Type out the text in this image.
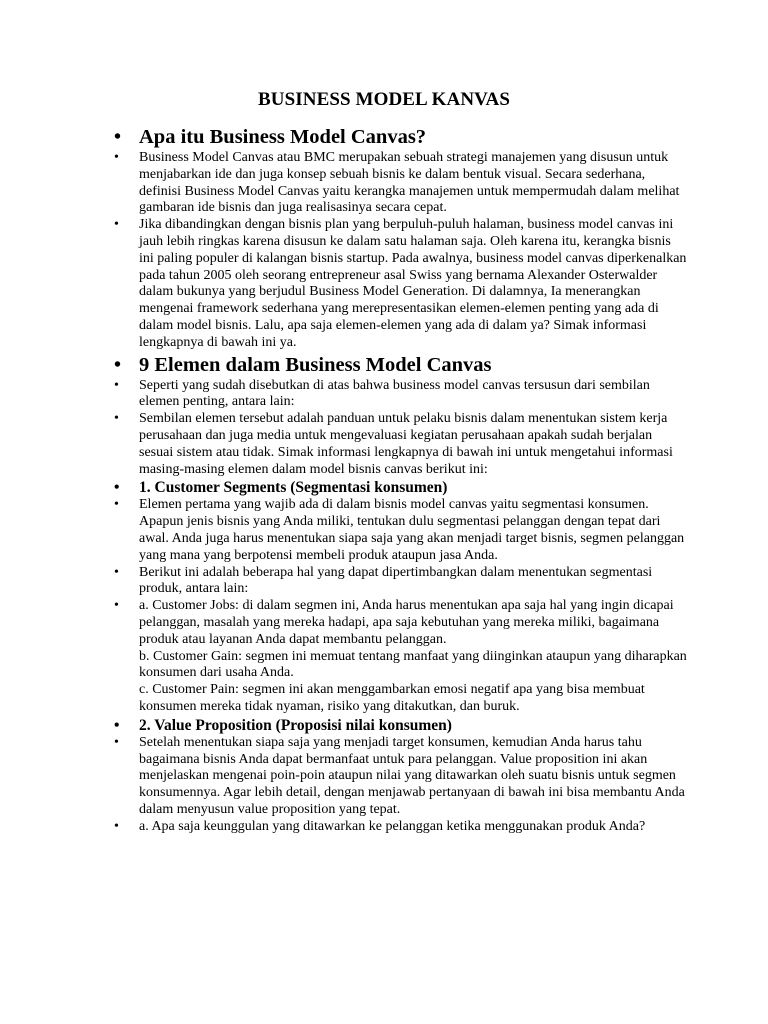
BUSINESS MODEL KANVAS
• Apa itu Business Model Canvas?
• Business Model Canvas atau BMC merupakan sebuah strategi manajemen yang disusun untuk menjabarkan ide dan juga konsep sebuah bisnis ke dalam bentuk visual. Secara sederhana, definisi Business Model Canvas yaitu kerangka manajemen untuk mempermudah dalam melihat gambaran ide bisnis dan juga realisasinya secara cepat.
• Jika dibandingkan dengan bisnis plan yang berpuluh-puluh halaman, business model canvas ini jauh lebih ringkas karena disusun ke dalam satu halaman saja. Oleh karena itu, kerangka bisnis ini paling populer di kalangan bisnis startup. Pada awalnya, business model canvas diperkenalkan pada tahun 2005 oleh seorang entrepreneur asal Swiss yang bernama Alexander Osterwalder dalam bukunya yang berjudul Business Model Generation. Di dalamnya, Ia menerangkan mengenai framework sederhana yang merepresentasikan elemen-elemen penting yang ada di dalam model bisnis. Lalu, apa saja elemen-elemen yang ada di dalam ya? Simak informasi lengkapnya di bawah ini ya.
• 9 Elemen dalam Business Model Canvas
• Seperti yang sudah disebutkan di atas bahwa business model canvas tersusun dari sembilan elemen penting, antara lain:
• Sembilan elemen tersebut adalah panduan untuk pelaku bisnis dalam menentukan sistem kerja perusahaan dan juga media untuk mengevaluasi kegiatan perusahaan apakah sudah berjalan sesuai sistem atau tidak. Simak informasi lengkapnya di bawah ini untuk mengetahui informasi masing-masing elemen dalam model bisnis canvas berikut ini:
• 1. Customer Segments (Segmentasi konsumen)
• Elemen pertama yang wajib ada di dalam bisnis model canvas yaitu segmentasi konsumen. Apapun jenis bisnis yang Anda miliki, tentukan dulu segmentasi pelanggan dengan tepat dari awal. Anda juga harus menentukan siapa saja yang akan menjadi target bisnis, segmen pelanggan yang mana yang berpotensi membeli produk ataupun jasa Anda.
• Berikut ini adalah beberapa hal yang dapat dipertimbangkan dalam menentukan segmentasi produk, antara lain:
• a. Customer Jobs: di dalam segmen ini, Anda harus menentukan apa saja hal yang ingin dicapai pelanggan, masalah yang mereka hadapi, apa saja kebutuhan yang mereka miliki, bagaimana produk atau layanan Anda dapat membantu pelanggan.
b. Customer Gain: segmen ini memuat tentang manfaat yang diinginkan ataupun yang diharapkan konsumen dari usaha Anda.
c. Customer Pain: segmen ini akan menggambarkan emosi negatif apa yang bisa membuat konsumen mereka tidak nyaman, risiko yang ditakutkan, dan buruk.
• 2. Value Proposition (Proposisi nilai konsumen)
• Setelah menentukan siapa saja yang menjadi target konsumen, kemudian Anda harus tahu bagaimana bisnis Anda dapat bermanfaat untuk para pelanggan. Value proposition ini akan menjelaskan mengenai poin-poin ataupun nilai yang ditawarkan oleh suatu bisnis untuk segmen konsumennya. Agar lebih detail, dengan menjawab pertanyaan di bawah ini bisa membantu Anda dalam menyusun value proposition yang tepat.
• a. Apa saja keunggulan yang ditawarkan ke pelanggan ketika menggunakan produk Anda?
